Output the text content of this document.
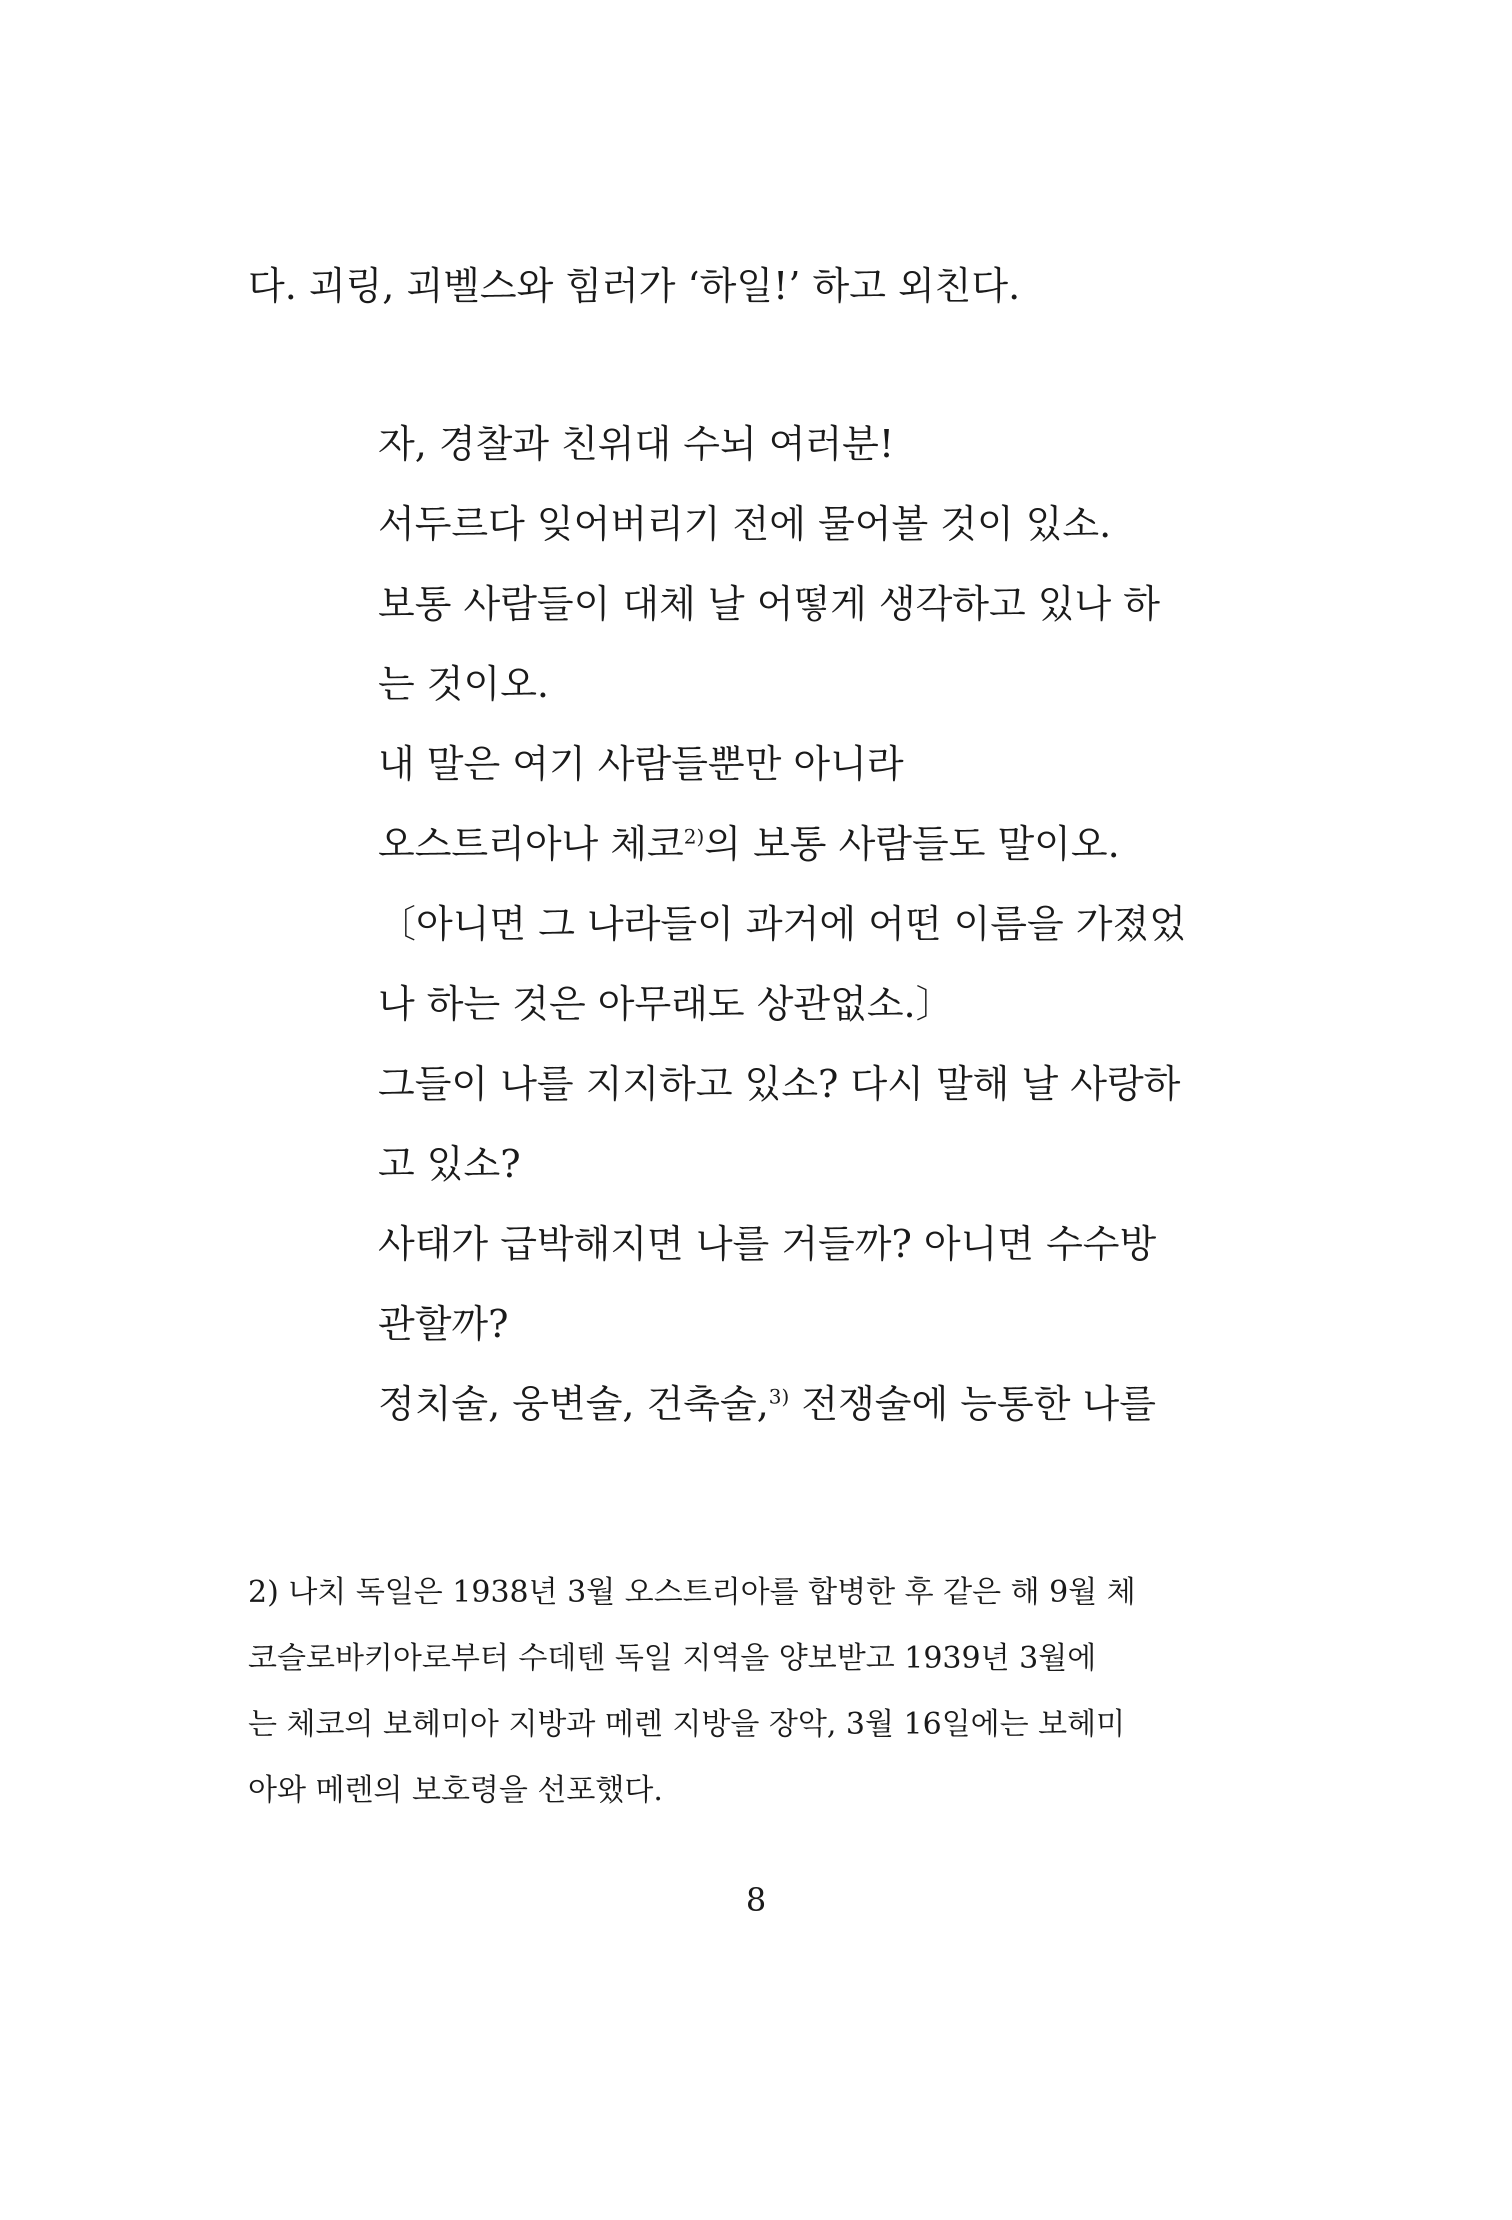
다. 괴링, 괴벨스와 힘러가 ‘하일!’ 하고 외친다.

자, 경찰과 친위대 수뇌 여러분!
서두르다 잊어버리기 전에 물어볼 것이 있소.
보통 사람들이 대체 날 어떻게 생각하고 있나 하
는 것이오.
내 말은 여기 사람들뿐만 아니라
오스트리아나 체코$^{2)}$의 보통 사람들도 말이오.
〔아니면 그 나라들이 과거에 어떤 이름을 가졌었
나 하는 것은 아무래도 상관없소.〕
그들이 나를 지지하고 있소? 다시 말해 날 사랑하
고 있소?
사태가 급박해지면 나를 거들까? 아니면 수수방
관할까?
정치술, 웅변술, 건축술,$^{3)}$ 전쟁술에 능통한 나를
2) 나치 독일은 1938년 3월 오스트리아를 합병한 후 같은 해 9월 체
코슬로바키아로부터 수데텐 독일 지역을 양보받고 1939년 3월에
는 체코의 보헤미아 지방과 메렌 지방을 장악, 3월 16일에는 보헤미
아와 메렌의 보호령을 선포했다.

8
